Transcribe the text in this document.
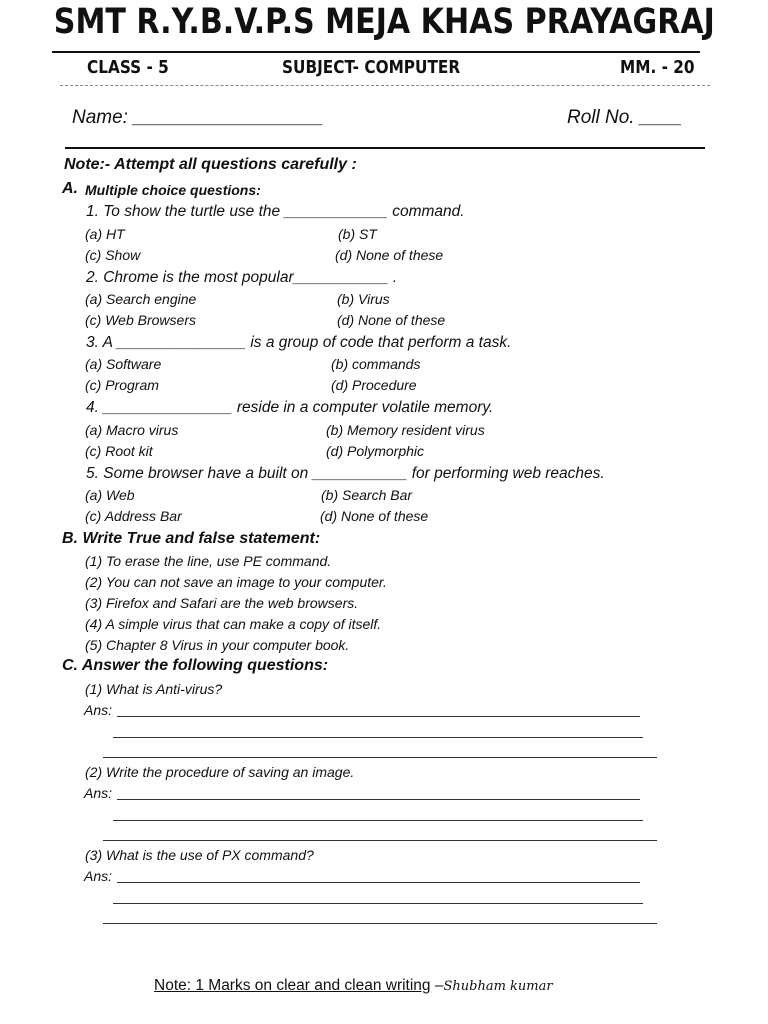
SMT R.Y.B.V.P.S MEJA KHAS PRAYAGRAJ
CLASS - 5	SUBJECT- COMPUTER	MM. - 20
Name: __________________	Roll No. ____
Note:- Attempt all questions carefully :
A. Multiple choice questions:
1. To show the turtle use the ____________ command.
(a) HT	(b) ST
(c) Show	(d) None of these
2. Chrome is the most popular___________ .
(a) Search engine	(b) Virus
(c) Web Browsers	(d) None of these
3. A _______________ is a group of code that perform a task.
(a) Software	(b) commands
(c) Program	(d) Procedure
4. _______________ reside in a computer volatile memory.
(a) Macro virus	(b) Memory resident virus
(c) Root kit	(d) Polymorphic
5. Some browser have a built on ___________ for performing web reaches.
(a) Web	(b) Search Bar
(c) Address Bar	(d) None of these
B. Write True and false statement:
(1) To erase the line, use PE command.
(2) You can not save an image to your computer.
(3) Firefox and Safari are the web browsers.
(4) A simple virus that can make a copy of itself.
(5) Chapter 8 Virus in your computer book.
C. Answer the following questions:
(1) What is Anti-virus?
Ans:
(2) Write the procedure of saving an image.
Ans:
(3) What is the use of PX command?
Ans:
Note: 1 Marks on clear and clean writing –Shubham kumar
